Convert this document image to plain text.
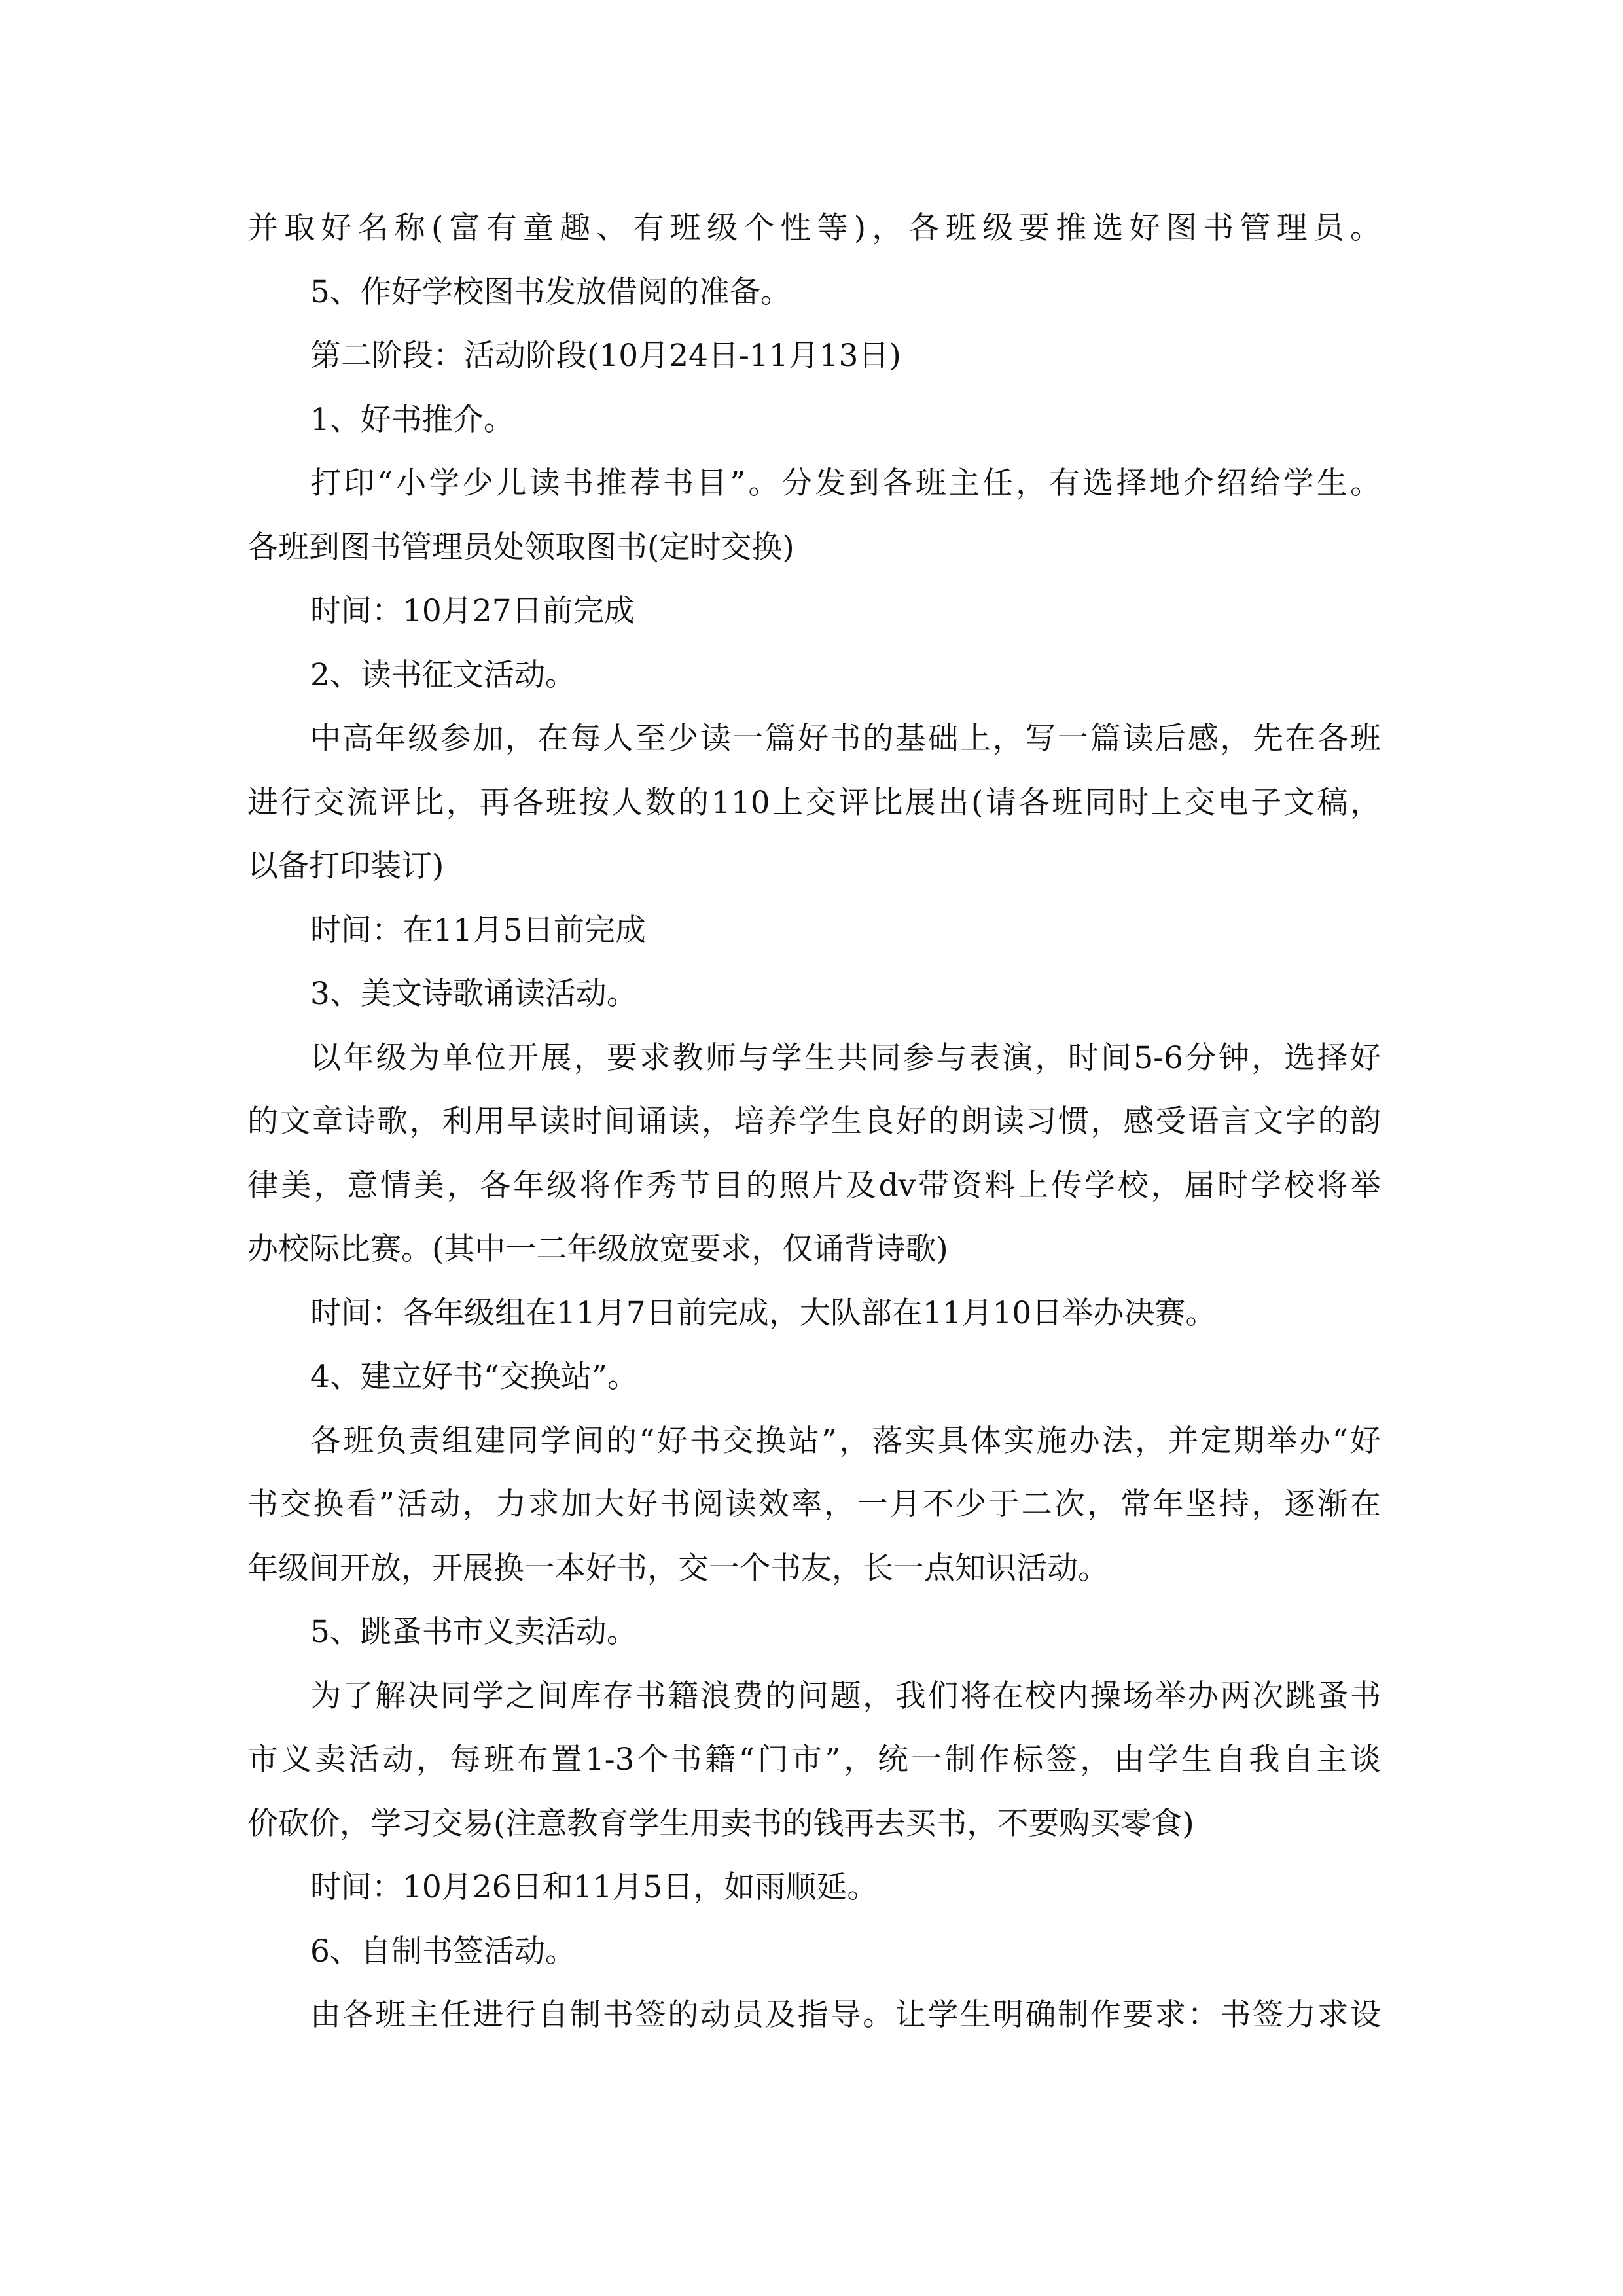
并取好名称(富有童趣、有班级个性等)，各班级要推选好图书管理员。
5、作好学校图书发放借阅的准备。
第二阶段：活动阶段(10月24日-11月13日)
1、好书推介。
打印“小学少儿读书推荐书目”。分发到各班主任，有选择地介绍给学生。
各班到图书管理员处领取图书(定时交换)
时间：10月27日前完成
2、读书征文活动。
中高年级参加，在每人至少读一篇好书的基础上，写一篇读后感，先在各班
进行交流评比，再各班按人数的110上交评比展出(请各班同时上交电子文稿，
以备打印装订)
时间：在11月5日前完成
3、美文诗歌诵读活动。
以年级为单位开展，要求教师与学生共同参与表演，时间5-6分钟，选择好
的文章诗歌，利用早读时间诵读，培养学生良好的朗读习惯，感受语言文字的韵
律美，意情美，各年级将作秀节目的照片及dv带资料上传学校，届时学校将举
办校际比赛。(其中一二年级放宽要求，仅诵背诗歌)
时间：各年级组在11月7日前完成，大队部在11月10日举办决赛。
4、建立好书“交换站”。
各班负责组建同学间的“好书交换站”，落实具体实施办法，并定期举办“好
书交换看”活动，力求加大好书阅读效率，一月不少于二次，常年坚持，逐渐在
年级间开放，开展换一本好书，交一个书友，长一点知识活动。
5、跳蚤书市义卖活动。
为了解决同学之间库存书籍浪费的问题，我们将在校内操场举办两次跳蚤书
市义卖活动，每班布置1-3个书籍“门市”，统一制作标签，由学生自我自主谈
价砍价，学习交易(注意教育学生用卖书的钱再去买书，不要购买零食)
时间：10月26日和11月5日，如雨顺延。
6、自制书签活动。
由各班主任进行自制书签的动员及指导。让学生明确制作要求：书签力求设
